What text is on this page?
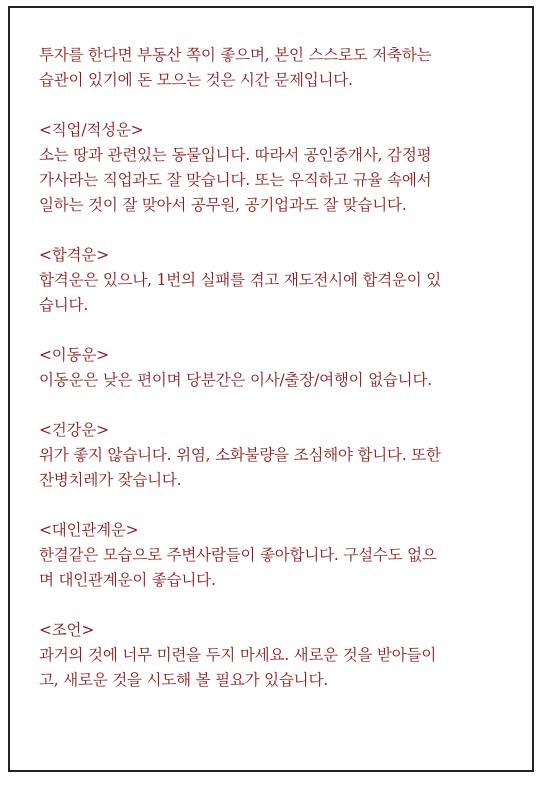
투자를 한다면 부동산 쪽이 좋으며, 본인 스스로도 저축하는
습관이 있기에 돈 모으는 것은 시간 문제입니다.

<직업/적성운>

소는 땅과 관련있는 동물입니다. 따라서 공인중개사, 감정평
가사라는 직업과도 잘 맞습니다. 또는 우직하고 규율 속에서
일하는 것이 잘 맞아서 공무원, 공기업과도 잘 맞습니다.

<합격운>

합격운은 있으나, 1번의 실패를 겪고 재도전시에 합격운이 있
습니다.

<이동운>

이동운은 낮은 편이며 당분간은 이사/출장/여행이 없습니다.

<건강운>

위가 좋지 않습니다. 위염, 소화불량을 조심해야 합니다. 또한
잔병치레가 잦습니다.

<대인관계운>

한결같은 모습으로 주변사람들이 좋아합니다. 구설수도 없으
며 대인관계운이 좋습니다.

<조언>

과거의 것에 너무 미련을 두지 마세요. 새로운 것을 받아들이
고, 새로운 것을 시도해 볼 필요가 있습니다.
